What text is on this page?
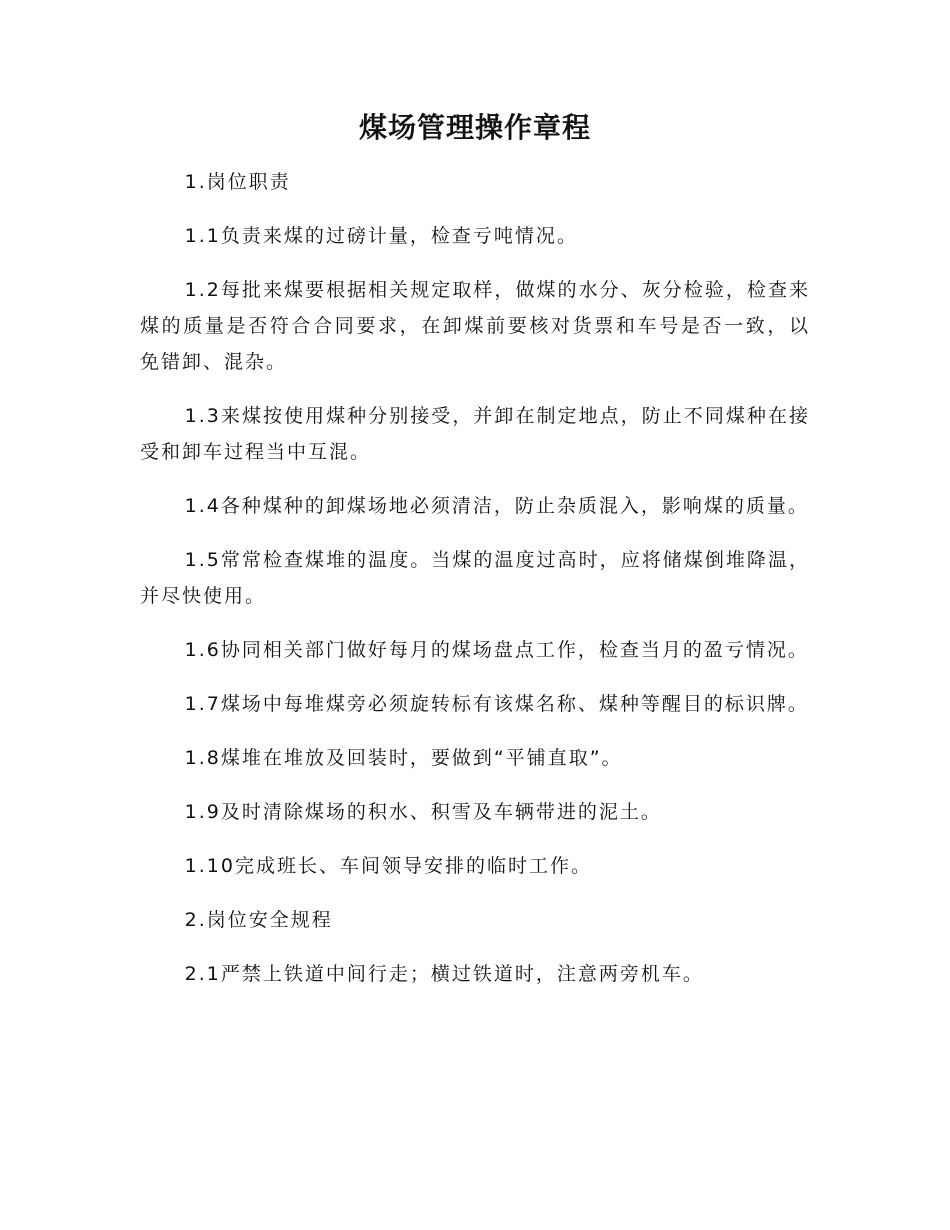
煤场管理操作章程

1.岗位职责

1.1负责来煤的过磅计量，检查亏吨情况。

1.2每批来煤要根据相关规定取样，做煤的水分、灰分检验，检查来煤的质量是否符合合同要求，在卸煤前要核对货票和车号是否一致，以免错卸、混杂。

1.3来煤按使用煤种分别接受，并卸在制定地点，防止不同煤种在接受和卸车过程当中互混。

1.4各种煤种的卸煤场地必须清洁，防止杂质混入，影响煤的质量。

1.5常常检查煤堆的温度。当煤的温度过高时，应将储煤倒堆降温，并尽快使用。

1.6协同相关部门做好每月的煤场盘点工作，检查当月的盈亏情况。

1.7煤场中每堆煤旁必须旋转标有该煤名称、煤种等醒目的标识牌。

1.8煤堆在堆放及回装时，要做到“平铺直取”。

1.9及时清除煤场的积水、积雪及车辆带进的泥土。

1.10完成班长、车间领导安排的临时工作。

2.岗位安全规程

2.1严禁上铁道中间行走；横过铁道时，注意两旁机车。
